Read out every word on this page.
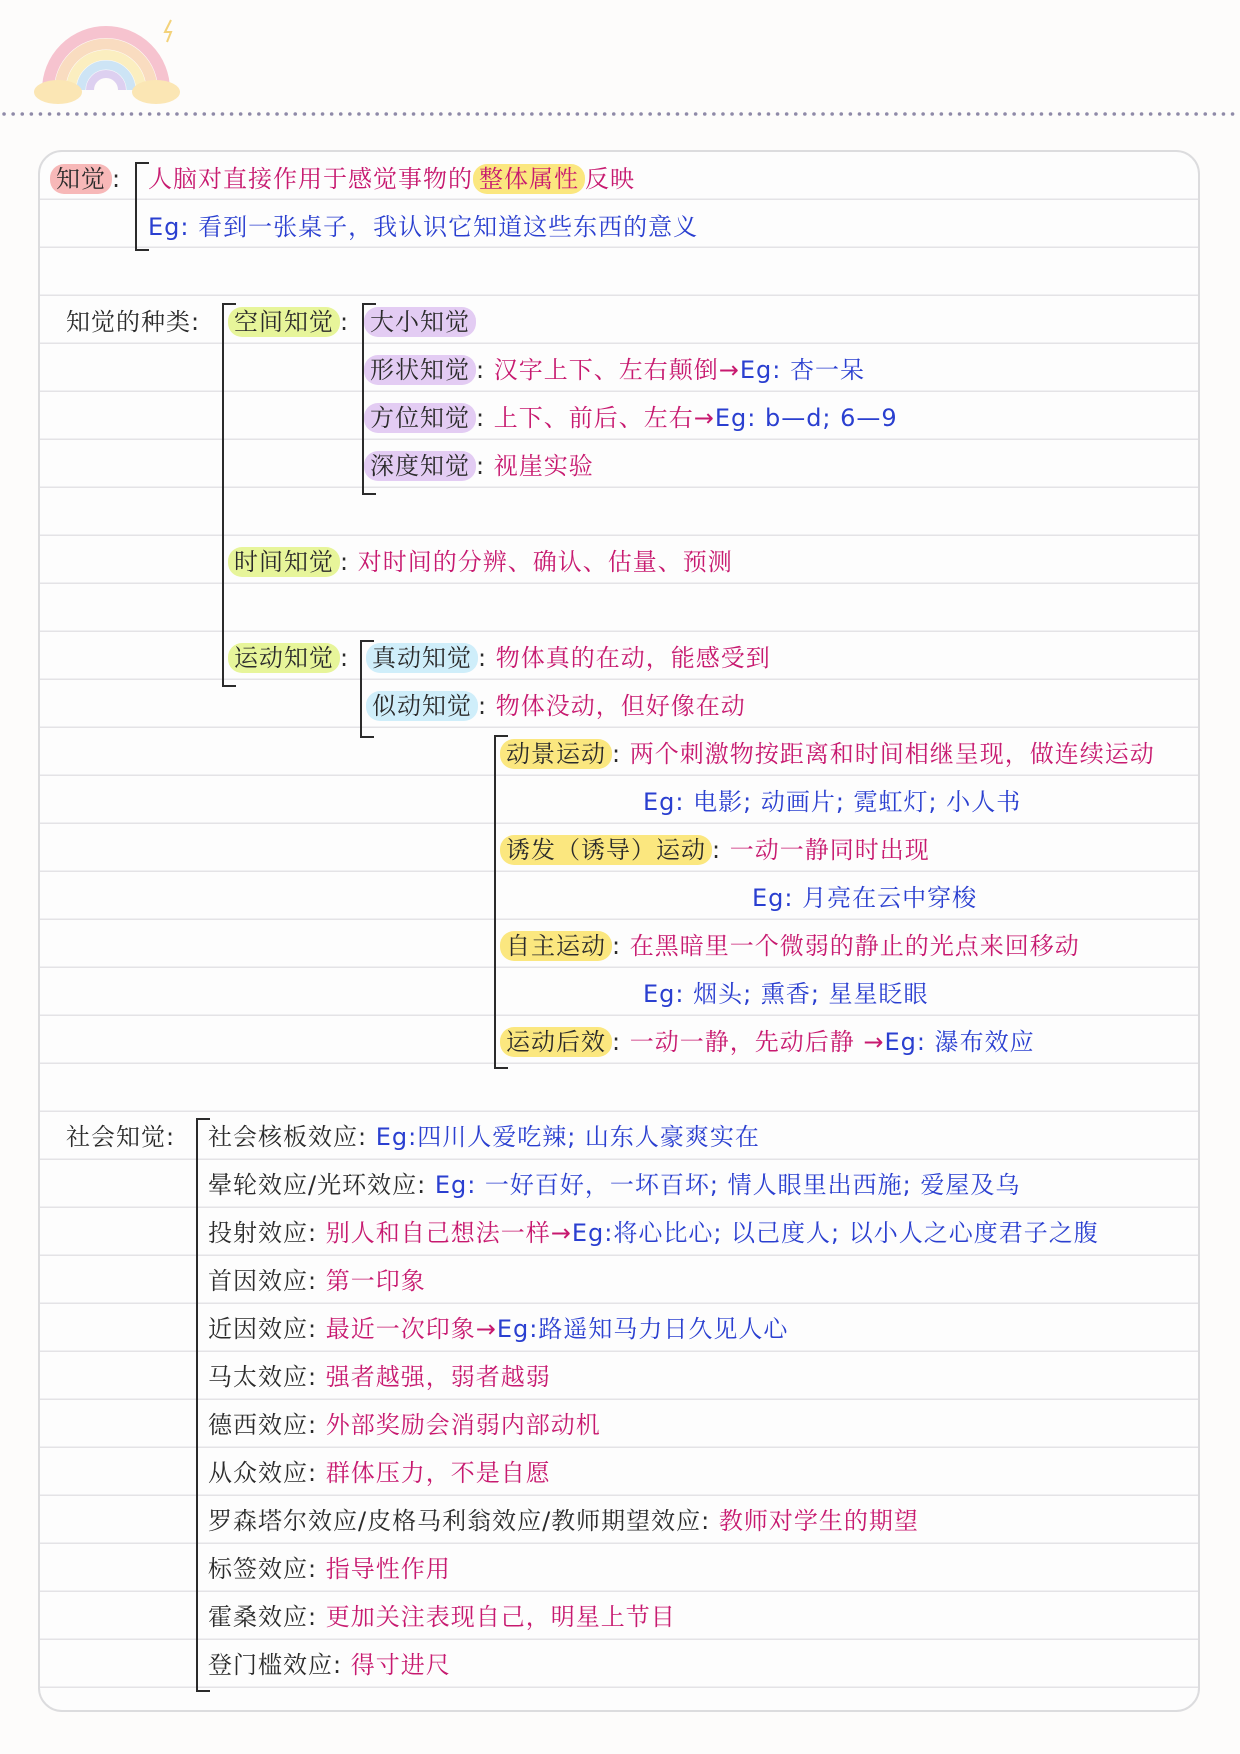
知觉 : 人脑对直接作用于感觉事物的 整体属性 反映
Eg: 看到一张桌子，我认识它知道这些东西的意义
知觉的种类: 空间知觉 : 大小知觉
形状知觉 : 汉字上下、左右颠倒→Eg: 杏一呆
方位知觉 : 上下、前后、左右→Eg: b—d; 6—9
深度知觉 : 视崖实验
时间知觉 : 对时间的分辨、确认、估量、预测
运动知觉 : 真动知觉 : 物体真的在动，能感受到
似动知觉 : 物体没动，但好像在动
动景运动 : 两个刺激物按距离和时间相继呈现，做连续运动
Eg: 电影; 动画片; 霓虹灯; 小人书
诱发（诱导）运动 : 一动一静同时出现
Eg: 月亮在云中穿梭
自主运动 : 在黑暗里一个微弱的静止的光点来回移动
Eg: 烟头; 熏香; 星星眨眼
运动后效 : 一动一静，先动后静 →Eg: 瀑布效应
社会知觉: 社会核板效应: Eg:四川人爱吃辣; 山东人豪爽实在
晕轮效应/光环效应: Eg: 一好百好，一坏百坏; 情人眼里出西施; 爱屋及乌
投射效应: 别人和自己想法一样→Eg:将心比心; 以己度人; 以小人之心度君子之腹
首因效应: 第一印象
近因效应: 最近一次印象→Eg:路遥知马力日久见人心
马太效应: 强者越强，弱者越弱
德西效应: 外部奖励会消弱内部动机
从众效应: 群体压力，不是自愿
罗森塔尔效应/皮格马利翁效应/教师期望效应: 教师对学生的期望
标签效应: 指导性作用
霍桑效应: 更加关注表现自己，明星上节目
登门槛效应: 得寸进尺
